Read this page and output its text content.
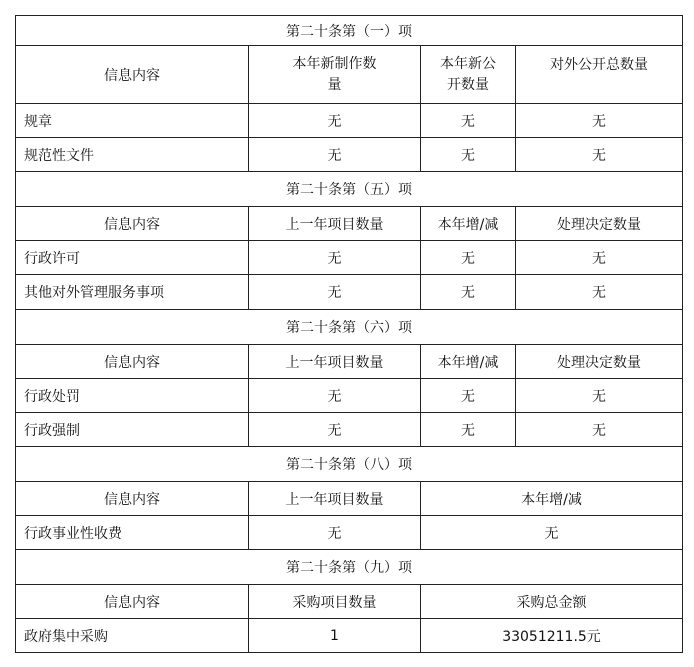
第二十条第（一）项			
信息内容	本年新制作数量	本年新公开数量	对外公开总数量
规章	无	无	无
规范性文件	无	无	无
第二十条第（五）项			
信息内容	上一年项目数量	本年增/减	处理决定数量
行政许可	无	无	无
其他对外管理服务事项	无	无	无
第二十条第（六）项			
信息内容	上一年项目数量	本年增/减	处理决定数量
行政处罚	无	无	无
行政强制	无	无	无
第二十条第（八）项			
信息内容	上一年项目数量	本年增/减	
行政事业性收费	无	无	
第二十条第（九）项			
信息内容	采购项目数量	采购总金额	
政府集中采购	1	33051211.5元	
